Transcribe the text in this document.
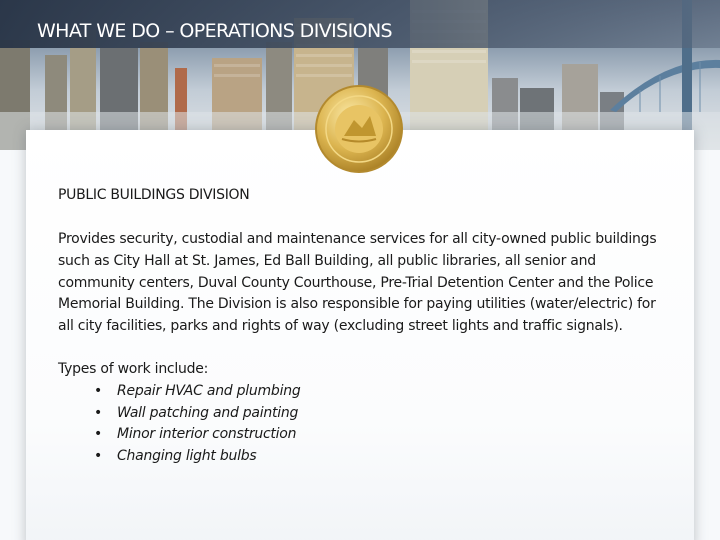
WHAT WE DO – OPERATIONS DIVISIONS

PUBLIC BUILDINGS DIVISION

Provides security, custodial and maintenance services for all city-owned public buildings such as City Hall at St. James, Ed Ball Building, all public libraries, all senior and community centers, Duval County Courthouse, Pre-Trial Detention Center and the Police Memorial Building. The Division is also responsible for paying utilities (water/electric) for all city facilities, parks and rights of way (excluding street lights and traffic signals).

Types of work include:

• Repair HVAC and plumbing
• Wall patching and painting
• Minor interior construction
• Changing light bulbs
